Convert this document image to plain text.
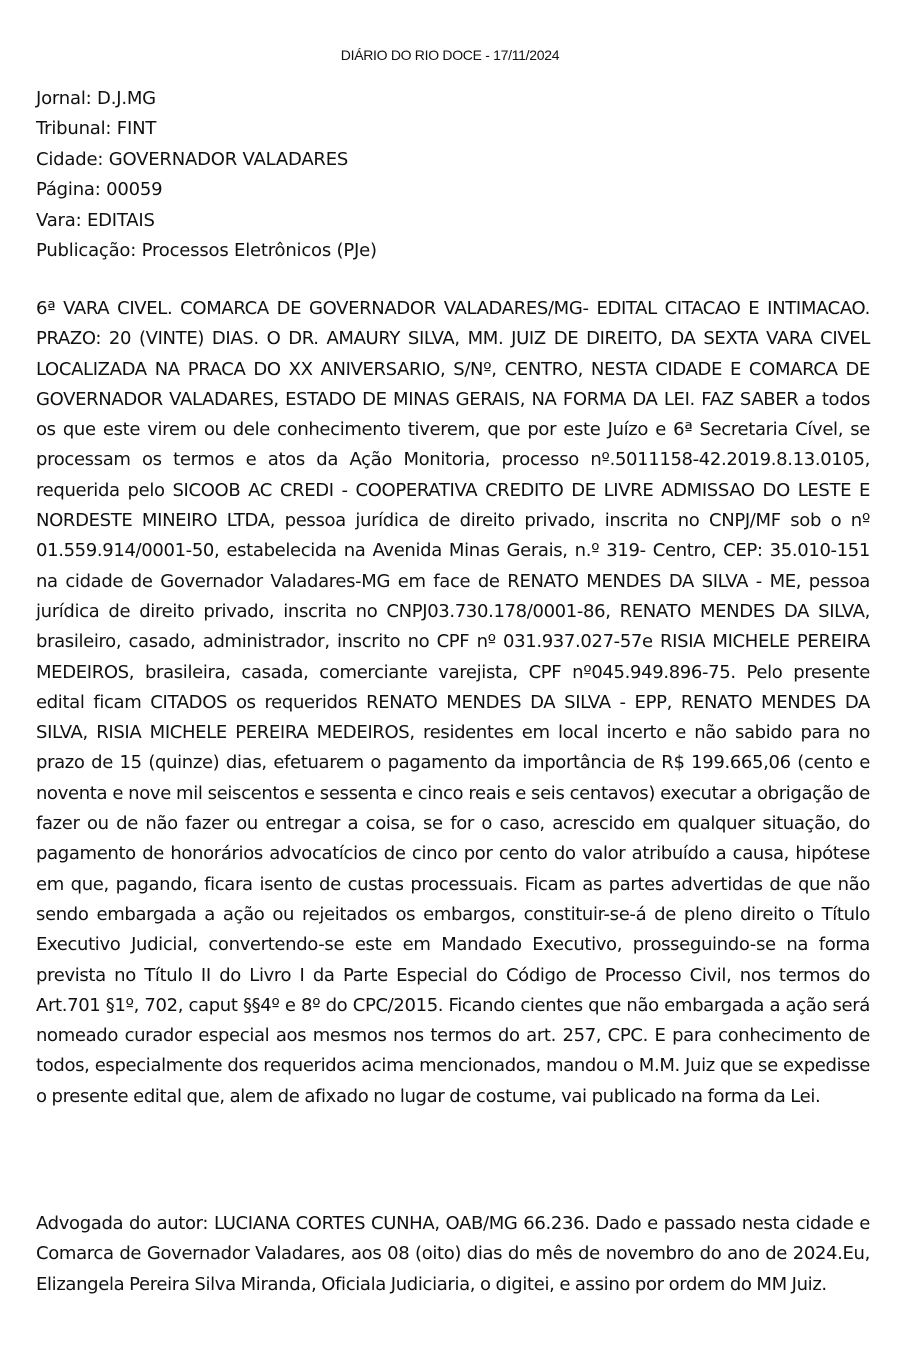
DIÁRIO DO RIO DOCE - 17/11/2024
Jornal: D.J.MG
Tribunal: FINT
Cidade: GOVERNADOR VALADARES
Página: 00059
Vara: EDITAIS
Publicação: Processos Eletrônicos (PJe)

6ª VARA CIVEL. COMARCA DE GOVERNADOR VALADARES/MG- EDITAL CITACAO E INTIMACAO. PRAZO: 20 (VINTE) DIAS. O DR. AMAURY SILVA, MM. JUIZ DE DIREITO, DA SEXTA VARA CIVEL LOCALIZADA NA PRACA DO XX ANIVERSARIO, S/Nº, CENTRO, NESTA CIDADE E COMARCA DE GOVERNADOR VALADARES, ESTADO DE MINAS GERAIS, NA FORMA DA LEI. FAZ SABER a todos os que este virem ou dele conhecimento tiverem, que por este Juízo e 6ª Secretaria Cível, se processam os termos e atos da Ação Monitoria, processo nº.5011158-42.2019.8.13.0105, requerida pelo SICOOB AC CREDI - COOPERATIVA CREDITO DE LIVRE ADMISSAO DO LESTE E NORDESTE MINEIRO LTDA, pessoa jurídica de direito privado, inscrita no CNPJ/MF sob o nº 01.559.914/0001-50, estabelecida na Avenida Minas Gerais, n.º 319- Centro, CEP: 35.010-151 na cidade de Governador Valadares-MG em face de RENATO MENDES DA SILVA - ME, pessoa jurídica de direito privado, inscrita no CNPJ03.730.178/0001-86, RENATO MENDES DA SILVA, brasileiro, casado, administrador, inscrito no CPF nº 031.937.027-57e RISIA MICHELE PEREIRA MEDEIROS, brasileira, casada, comerciante varejista, CPF nº045.949.896-75. Pelo presente edital ficam CITADOS os requeridos RENATO MENDES DA SILVA - EPP, RENATO MENDES DA SILVA, RISIA MICHELE PEREIRA MEDEIROS, residentes em local incerto e não sabido para no prazo de 15 (quinze) dias, efetuarem o pagamento da importância de R$ 199.665,06 (cento e noventa e nove mil seiscentos e sessenta e cinco reais e seis centavos) executar a obrigação de fazer ou de não fazer ou entregar a coisa, se for o caso, acrescido em qualquer situação, do pagamento de honorários advocatícios de cinco por cento do valor atribuído a causa, hipótese em que, pagando, ficara isento de custas processuais. Ficam as partes advertidas de que não sendo embargada a ação ou rejeitados os embargos, constituir-se-á de pleno direito o Título Executivo Judicial, convertendo-se este em Mandado Executivo, prosseguindo-se na forma prevista no Título II do Livro I da Parte Especial do Código de Processo Civil, nos termos do Art.701 §1º, 702, caput §§4º e 8º do CPC/2015. Ficando cientes que não embargada a ação será nomeado curador especial aos mesmos nos termos do art. 257, CPC. E para conhecimento de todos, especialmente dos requeridos acima mencionados, mandou o M.M. Juiz que se expedisse o presente edital que, alem de afixado no lugar de costume, vai publicado na forma da Lei.

Advogada do autor: LUCIANA CORTES CUNHA, OAB/MG 66.236. Dado e passado nesta cidade e Comarca de Governador Valadares, aos 08 (oito) dias do mês de novembro do ano de 2024.Eu, Elizangela Pereira Silva Miranda, Oficiala Judiciaria, o digitei, e assino por ordem do MM Juiz.
